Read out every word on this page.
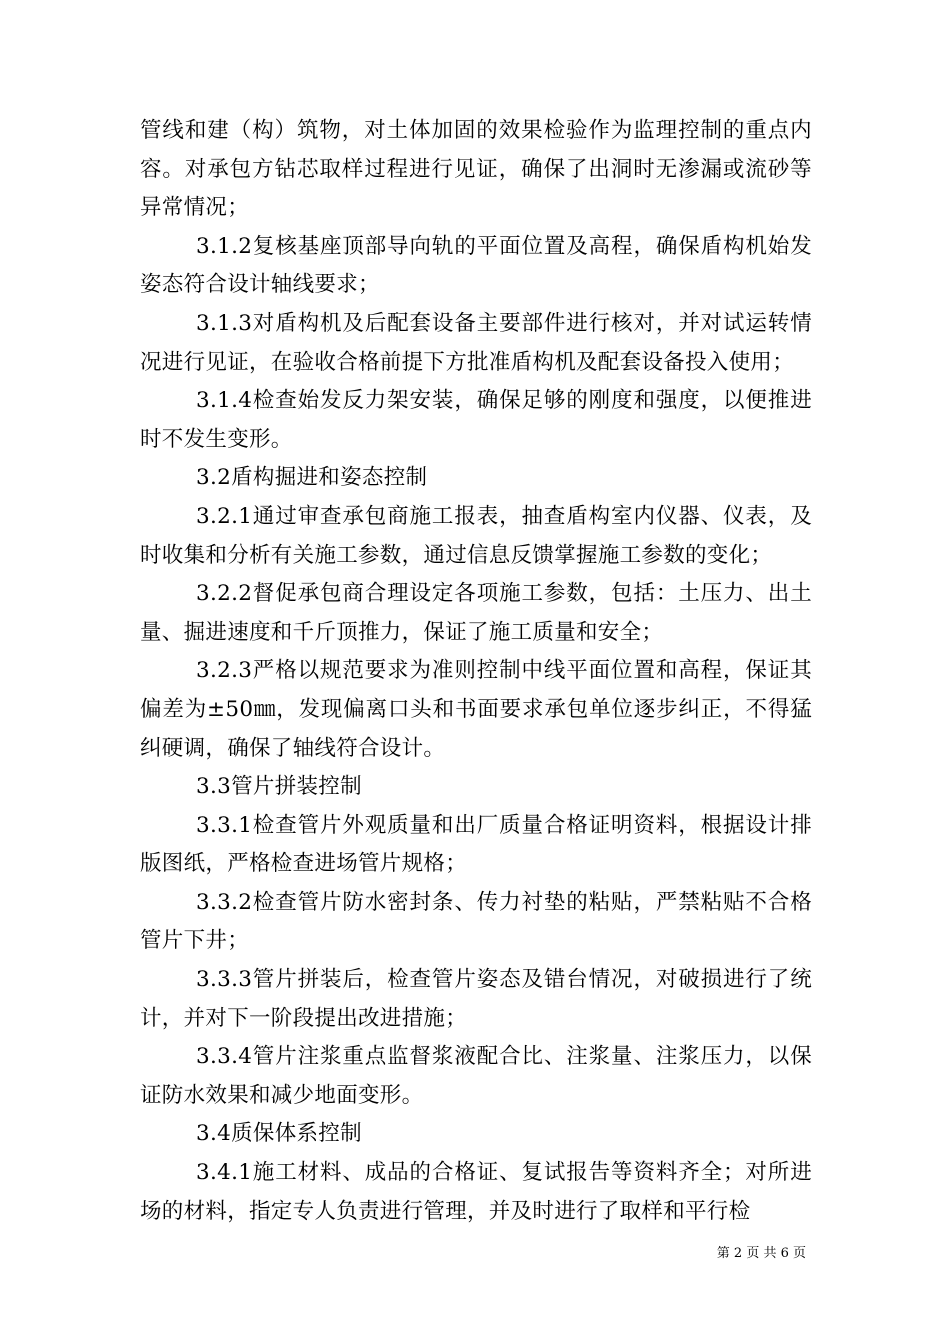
管线和建（构）筑物，对土体加固的效果检验作为监理控制的重点内容。对承包方钻芯取样过程进行见证，确保了出洞时无渗漏或流砂等异常情况；

3.1.2复核基座顶部导向轨的平面位置及高程，确保盾构机始发姿态符合设计轴线要求；

3.1.3对盾构机及后配套设备主要部件进行核对，并对试运转情况进行见证，在验收合格前提下方批准盾构机及配套设备投入使用；

3.1.4检查始发反力架安装，确保足够的刚度和强度，以便推进时不发生变形。

3.2盾构掘进和姿态控制

3.2.1通过审查承包商施工报表，抽查盾构室内仪器、仪表，及时收集和分析有关施工参数，通过信息反馈掌握施工参数的变化；

3.2.2督促承包商合理设定各项施工参数，包括：土压力、出土量、掘进速度和千斤顶推力，保证了施工质量和安全；

3.2.3严格以规范要求为准则控制中线平面位置和高程，保证其偏差为±50㎜，发现偏离口头和书面要求承包单位逐步纠正，不得猛纠硬调，确保了轴线符合设计。

3.3管片拼装控制

3.3.1检查管片外观质量和出厂质量合格证明资料，根据设计排版图纸，严格检查进场管片规格；

3.3.2检查管片防水密封条、传力衬垫的粘贴，严禁粘贴不合格管片下井；

3.3.3管片拼装后，检查管片姿态及错台情况，对破损进行了统计，并对下一阶段提出改进措施；

3.3.4管片注浆重点监督浆液配合比、注浆量、注浆压力，以保证防水效果和减少地面变形。

3.4质保体系控制

3.4.1施工材料、成品的合格证、复试报告等资料齐全；对所进场的材料，指定专人负责进行管理，并及时进行了取样和平行检

第 2 页 共 6 页
